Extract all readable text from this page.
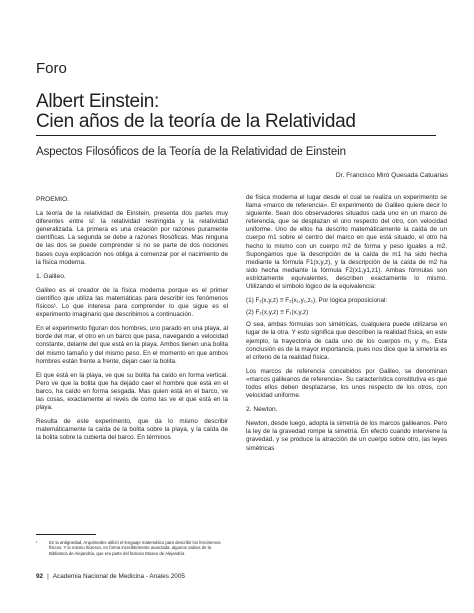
Foro
Albert Einstein:
Cien años de la teoría de la Relatividad
Aspectos Filosóficos de la Teoría de la Relatividad de Einstein
Dr. Francisco Miró Quesada Catuarias
PROEMIO.

La teoría de la relatividad de Einstein, presenta dos partes muy diferentes entre sí: la relatividad restringida y la relatividad generalizada. La primera es una creación por razones puramente científicas. La segunda se debe a razones filosóficas. Mas ninguna de las dos se puede comprender si no se parte de dos nociones bases cuya explicación nos obliga a comenzar por el nacimiento de la física moderna.

1. Galileo.

Galileo es el creador de la física moderna porque es el primer científico que utiliza las matemáticas para describir los fenómenos físicos¹. Lo que interesa para comprender lo que sigue es el experimento imaginario que describimos a continuación.

En el experimento figuran dos hombres, uno parado en una playa, al borde del mar, el otro en un barco que pasa, navegando a velocidad constante, delante del que está en la playa. Ambos tienen una bolita del mismo tamaño y del mismo peso. En el momento en que ambos hombres están frente a frente, dejan caer la bolita.

El que está en la playa, ve que su bolita ha caído en forma vertical. Pero ve que la bolita que ha dejado caer el hombre que está en el barco, ha caído en forma sesgada. Mas quien está en el barco, ve las cosas, exactamente al revés de como las ve el que está en la playa.

Resulta de este experimento, que da lo mismo describir matemáticamente la caída de la bolita sobre la playa, y la caída de la bolita sobre la cubierta del barco. En términos

de física moderna el lugar desde el cual se realiza un experimento se llama «marco de referencia». El experimento de Galileo quiere decir lo siguiente. Sean dos observadores situados cada uno en un marco de referencia, que se desplazan el uno respecto del otro, con velocidad uniforme. Uno de ellos ha descrito matemáticamente la caída de un cuerpo m1 sobre el centro del marco en que está situado, el otro ha hecho lo mismo con un cuerpo m2 de forma y peso iguales a m2. Supongamos que la descripción de la caída de m1 ha sido hecha mediante la fórmula F1(x,y,z), y la descripción de la caída de m2 ha sido hecha mediante la fórmula F2(x1,y1,z1). Ambas fórmulas son estrictamente equivalentes, describen exactamente lo mismo. Utilizando el simbolo lógico de la equivalencia:

(1) F₁(x,y,z) ≡ F₂(x₁,y₁,z₁). Por lógica proposicional:
(2) F₂(x,y,z) ≡ F₁(x,y,z)

O sea, ambas fórmulas son simétricas, cualquiera puede utilizarse en lugar de la otra. Y esto significa que describen la realidad física, en este ejemplo, la trayectoria de cada uno de los cuerpos m₁ y m₂. Esta conclusión es de la mayor importancia, pues nos dice que la simetría es el criterio de la realidad física.

Los marcos de referencia concebidos por Galileo, se denominan «marcos galileanos de referencia». Su característica constitutiva es que todos ellos deben desplazarse, los unos respecto de los otros, con velocidad uniforme.

2. Newton.

Newton, desde luego, adopta la simetría de los marcos galileanos. Pero la ley de la gravedad rompe la simetría. En efecto cuando interviene la gravedad, y se produce la atracción de un cuerpo sobre otro, las leyes simétricas

¹	En la antigüedad, Arquímedes utilizó el lenguaje matemático para describir los fenómenos físicos. Y lo mismo hicieron, en forma increíblemente avanzada, algunos sabios de la Biblioteca de Alejandría, que era parte del famoso Museo de Alejandría
92 | Academia Nacional de Medicina - Anales 2005
